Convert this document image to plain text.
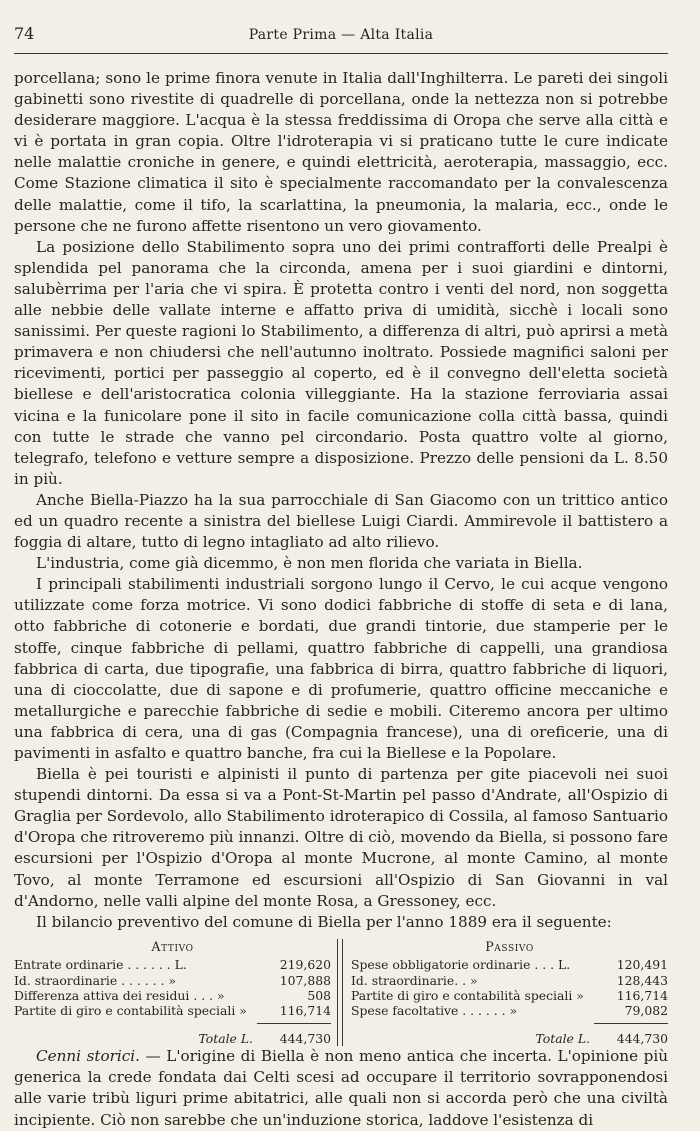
74	Parte Prima — Alta Italia

porcellana; sono le prime finora venute in Italia dall'Inghilterra. Le pareti dei singoli gabinetti sono rivestite di quadrelle di porcellana, onde la nettezza non si potrebbe desiderare maggiore. L'acqua è la stessa freddissima di Oropa che serve alla città e vi è portata in gran copia. Oltre l'idroterapia vi si praticano tutte le cure indicate nelle malattie croniche in genere, e quindi elettricità, aeroterapia, massaggio, ecc. Come Stazione climatica il sito è specialmente raccomandato per la convalescenza delle malattie, come il tifo, la scarlattina, la pneumonia, la malaria, ecc., onde le persone che ne furono affette risentono un vero giovamento.

La posizione dello Stabilimento sopra uno dei primi contrafforti delle Prealpi è splendida pel panorama che la circonda, amena per i suoi giardini e dintorni, salubèrrima per l'aria che vi spira. È protetta contro i venti del nord, non soggetta alle nebbie delle vallate interne e affatto priva di umidità, sicchè i locali sono sanissimi. Per queste ragioni lo Stabilimento, a differenza di altri, può aprirsi a metà primavera e non chiudersi che nell'autunno inoltrato. Possiede magnifici saloni per ricevimenti, portici per passeggio al coperto, ed è il convegno dell'eletta società biellese e dell'aristocratica colonia villeggiante. Ha la stazione ferroviaria assai vicina e la funicolare pone il sito in facile comunicazione colla città bassa, quindi con tutte le strade che vanno pel circondario. Posta quattro volte al giorno, telegrafo, telefono e vetture sempre a disposizione. Prezzo delle pensioni da L. 8.50 in più.

Anche Biella-Piazzo ha la sua parrocchiale di San Giacomo con un trittico antico ed un quadro recente a sinistra del biellese Luigi Ciardi. Ammirevole il battistero a foggia di altare, tutto di legno intagliato ad alto rilievo.

L'industria, come già dicemmo, è non men florida che variata in Biella.

I principali stabilimenti industriali sorgono lungo il Cervo, le cui acque vengono utilizzate come forza motrice. Vi sono dodici fabbriche di stoffe di seta e di lana, otto fabbriche di cotonerie e bordati, due grandi tintorie, due stamperie per le stoffe, cinque fabbriche di pellami, quattro fabbriche di cappelli, una grandiosa fabbrica di carta, due tipografie, una fabbrica di birra, quattro fabbriche di liquori, una di cioccolatte, due di sapone e di profumerie, quattro officine meccaniche e metallurgiche e parecchie fabbriche di sedie e mobili. Citeremo ancora per ultimo una fabbrica di cera, una di gas (Compagnia francese), una di oreficerie, una di pavimenti in asfalto e quattro banche, fra cui la Biellese e la Popolare.

Biella è pei touristi e alpinisti il punto di partenza per gite piacevoli nei suoi stupendi dintorni. Da essa si va a Pont-St-Martin pel passo d'Andrate, all'Ospizio di Graglia per Sordevolo, allo Stabilimento idroterapico di Cossila, al famoso Santuario d'Oropa che ritroveremo più innanzi. Oltre di ciò, movendo da Biella, si possono fare escursioni per l'Ospizio d'Oropa al monte Mucrone, al monte Camino, al monte Tovo, al monte Terramone ed escursioni all'Ospizio di San Giovanni in val d'Andorno, nelle valli alpine del monte Rosa, a Gressoney, ecc.

Il bilancio preventivo del comune di Biella per l'anno 1889 era il seguente:

Attivo
Entrate ordinarie . . . . . . L.	219,620
Id. straordinarie . . . . . . »	107,888
Differenza attiva dei residui . . . »	508
Partite di giro e contabilità speciali »	116,714
Totale L.	444,730
Passivo
Spese obbligatorie ordinarie . . . L.	120,491
Id. straordinarie. . »	128,443
Partite di giro e contabilità speciali »	116,714
Spese facoltative . . . . . . »	79,082
Totale L.	444,730

Cenni storici. — L'origine di Biella è non meno antica che incerta. L'opinione più generica la crede fondata dai Celti scesi ad occupare il territorio sovrapponendosi alle varie tribù liguri prime abitatrici, alle quali non si accorda però che una civiltà incipiente. Ciò non sarebbe che un'induzione storica, laddove l'esistenza di
